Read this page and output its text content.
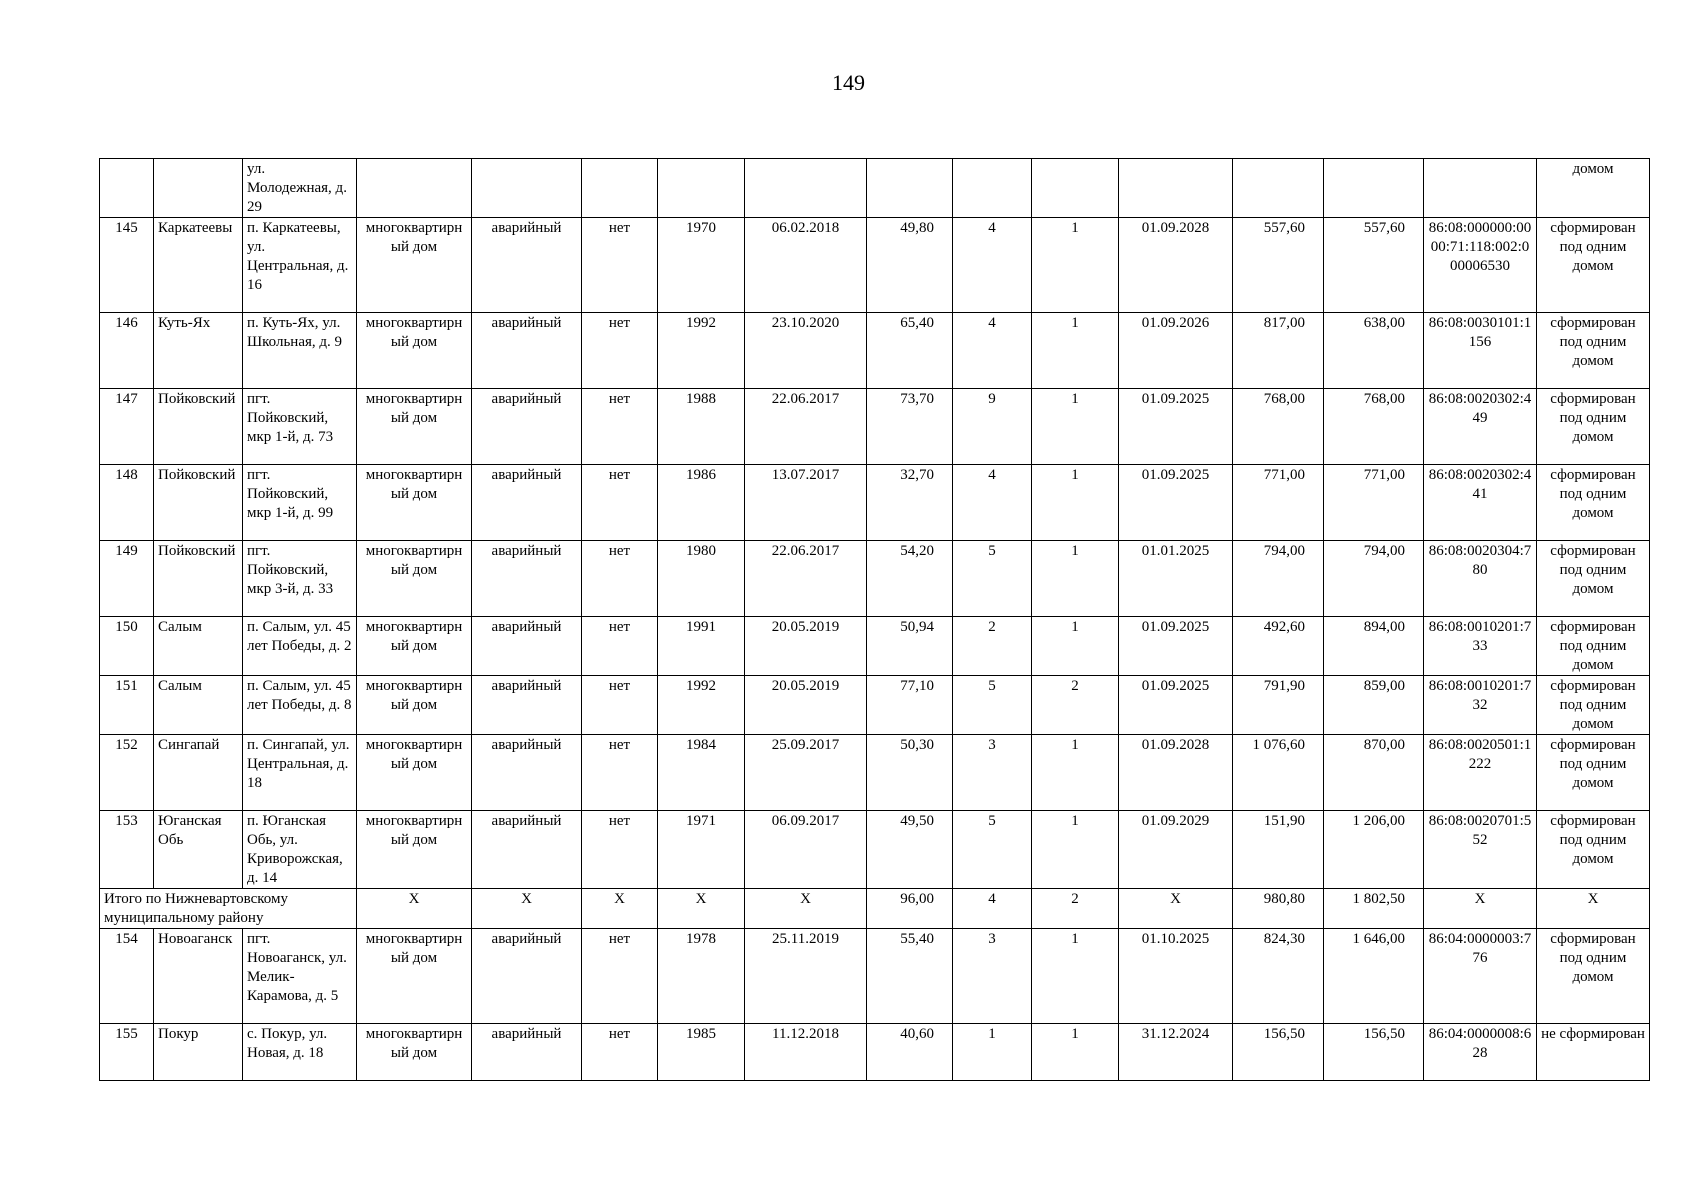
149
		ул. Молодежная, д. 29													домом
145	Каркатеевы	п. Каркатеевы, ул. Центральная, д. 16	многоквартирный дом	аварийный	нет	1970	06.02.2018	49,80	4	1	01.09.2028	557,60	557,60	86:08:000000:0000:71:118:002:000006530	сформирован под одним домом
146	Куть-Ях	п. Куть-Ях, ул. Школьная, д. 9	многоквартирный дом	аварийный	нет	1992	23.10.2020	65,40	4	1	01.09.2026	817,00	638,00	86:08:0030101:1156	сформирован под одним домом
147	Пойковский	пгт. Пойковский, мкр 1-й, д. 73	многоквартирный дом	аварийный	нет	1988	22.06.2017	73,70	9	1	01.09.2025	768,00	768,00	86:08:0020302:449	сформирован под одним домом
148	Пойковский	пгт. Пойковский, мкр 1-й, д. 99	многоквартирный дом	аварийный	нет	1986	13.07.2017	32,70	4	1	01.09.2025	771,00	771,00	86:08:0020302:441	сформирован под одним домом
149	Пойковский	пгт. Пойковский, мкр 3-й, д. 33	многоквартирный дом	аварийный	нет	1980	22.06.2017	54,20	5	1	01.01.2025	794,00	794,00	86:08:0020304:780	сформирован под одним домом
150	Салым	п. Салым, ул. 45 лет Победы, д. 2	многоквартирный дом	аварийный	нет	1991	20.05.2019	50,94	2	1	01.09.2025	492,60	894,00	86:08:0010201:733	сформирован под одним домом
151	Салым	п. Салым, ул. 45 лет Победы, д. 8	многоквартирный дом	аварийный	нет	1992	20.05.2019	77,10	5	2	01.09.2025	791,90	859,00	86:08:0010201:732	сформирован под одним домом
152	Сингапай	п. Сингапай, ул. Центральная, д. 18	многоквартирный дом	аварийный	нет	1984	25.09.2017	50,30	3	1	01.09.2028	1 076,60	870,00	86:08:0020501:1222	сформирован под одним домом
153	Юганская Обь	п. Юганская Обь, ул. Криворожская, д. 14	многоквартирный дом	аварийный	нет	1971	06.09.2017	49,50	5	1	01.09.2029	151,90	1 206,00	86:08:0020701:552	сформирован под одним домом
Итого по Нижневартовскому муниципальному району			X	X	X	X	X	96,00	4	2	X	980,80	1 802,50	X	X
154	Новоаганск	пгт. Новоаганск, ул. Мелик-Карамова, д. 5	многоквартирный дом	аварийный	нет	1978	25.11.2019	55,40	3	1	01.10.2025	824,30	1 646,00	86:04:0000003:776	сформирован под одним домом
155	Покур	с. Покур, ул. Новая, д. 18	многоквартирный дом	аварийный	нет	1985	11.12.2018	40,60	1	1	31.12.2024	156,50	156,50	86:04:0000008:628	не сформирован
